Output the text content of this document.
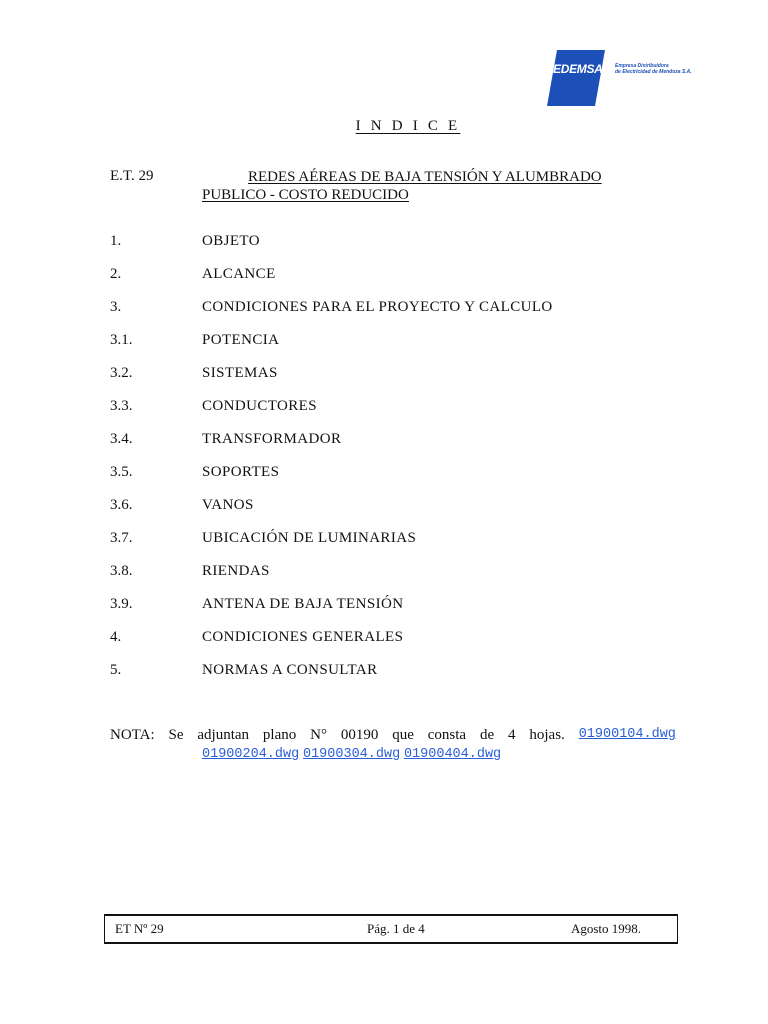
EDEMSA Empresa Distribuidora
de Electricidad de Mendoza S.A.
I N D I C E
E.T. 29	REDES AÉREAS DE BAJA TENSIÓN Y ALUMBRADO
PUBLICO - COSTO REDUCIDO
1.	OBJETO
2.	ALCANCE
3.	CONDICIONES PARA EL PROYECTO Y CALCULO
3.1.	POTENCIA
3.2.	SISTEMAS
3.3.	CONDUCTORES
3.4.	TRANSFORMADOR
3.5.	SOPORTES
3.6.	VANOS
3.7.	UBICACIÓN DE LUMINARIAS
3.8.	RIENDAS
3.9.	ANTENA DE BAJA TENSIÓN
4.	CONDICIONES GENERALES
5.	NORMAS A CONSULTAR
NOTA: Se adjuntan plano N° 00190 que consta de 4 hojas. 01900104.dwg
01900204.dwg 01900304.dwg 01900404.dwg
ET Nº 29	Pág. 1 de 4	Agosto 1998.
